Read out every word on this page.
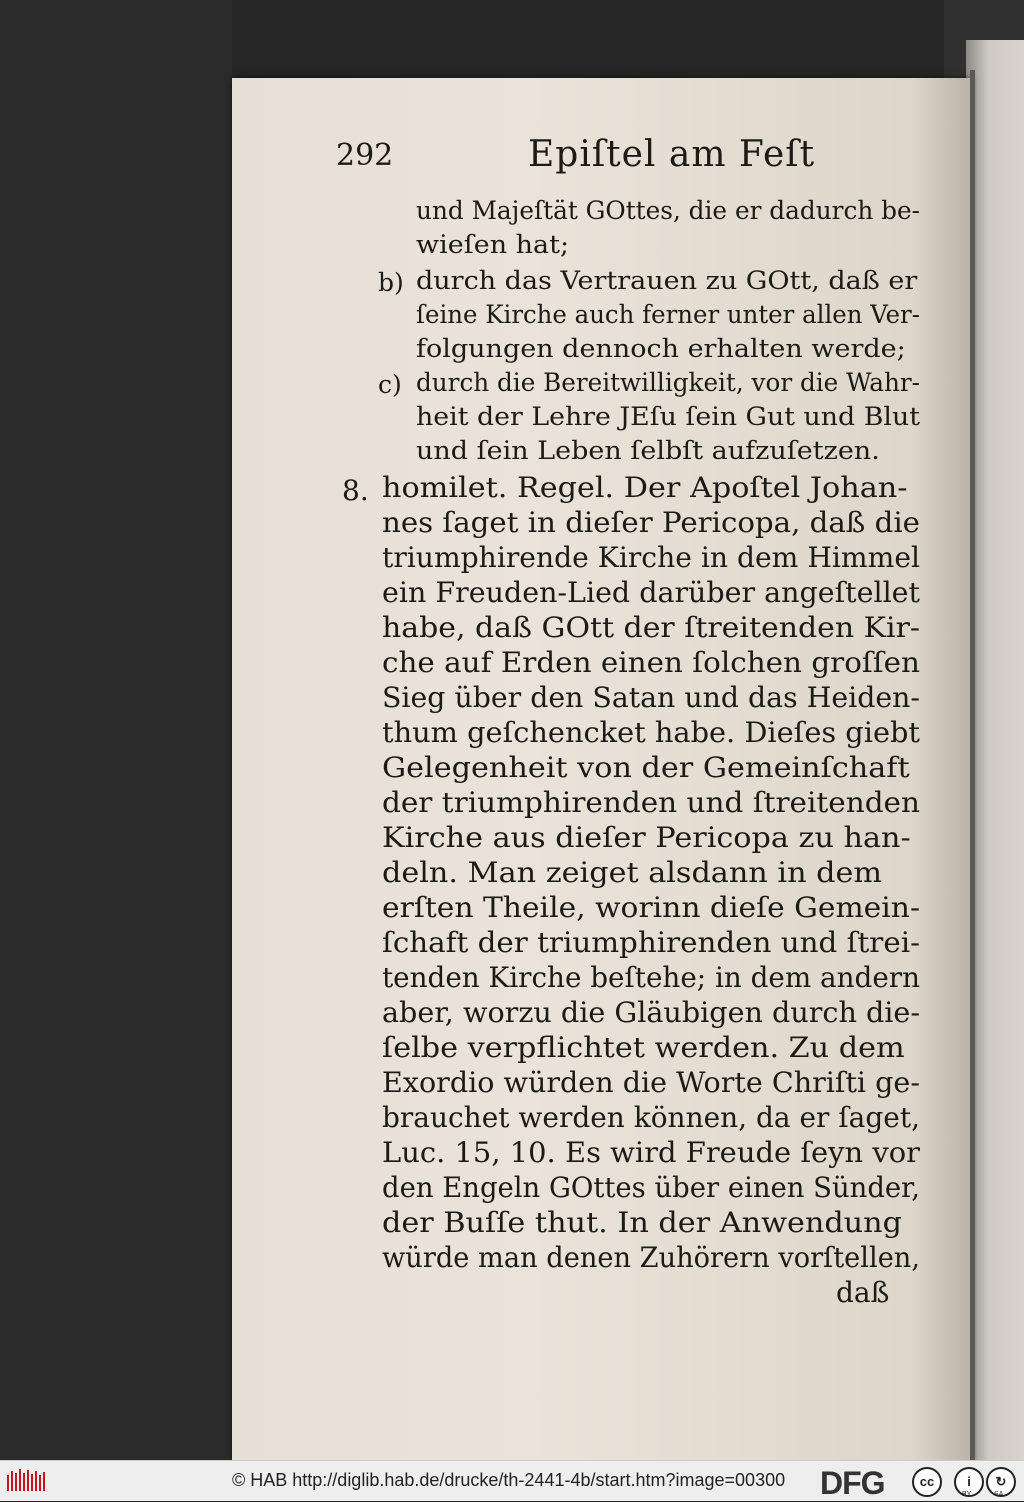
292	Epiſtel am Feſt
und Majeſtät GOttes, die er dadurch be-
wieſen hat;
b) durch das Vertrauen zu GOtt, daß er
ſeine Kirche auch ferner unter allen Ver-
folgungen dennoch erhalten werde;
c) durch die Bereitwilligkeit, vor die Wahr-
heit der Lehre JEſu ſein Gut und Blut
und ſein Leben ſelbſt aufzuſetzen.
8. homilet. Regel. Der Apoſtel Johan-
nes ſaget in dieſer Pericopa, daß die
triumphirende Kirche in dem Himmel
ein Freuden-Lied darüber angeſtellet
habe, daß GOtt der ſtreitenden Kir-
che auf Erden einen ſolchen groſſen
Sieg über den Satan und das Heiden-
thum geſchencket habe. Dieſes giebt
Gelegenheit von der Gemeinſchaft
der triumphirenden und ſtreitenden
Kirche aus dieſer Pericopa zu han-
deln. Man zeiget alsdann in dem
erſten Theile, worinn dieſe Gemein-
ſchaft der triumphirenden und ſtrei-
tenden Kirche beſtehe; in dem andern
aber, worzu die Gläubigen durch die-
ſelbe verpflichtet werden. Zu dem
Exordio würden die Worte Chriſti ge-
brauchet werden können, da er ſaget,
Luc. 15, 10. Es wird Freude ſeyn vor
den Engeln GOttes über einen Sünder,
der Buſſe thut. In der Anwendung
würde man denen Zuhörern vorſtellen,
daß
© HAB http://diglib.hab.de/drucke/th-2441-4b/start.htm?image=00300 DFG	cc	i
BY
↻
SA
